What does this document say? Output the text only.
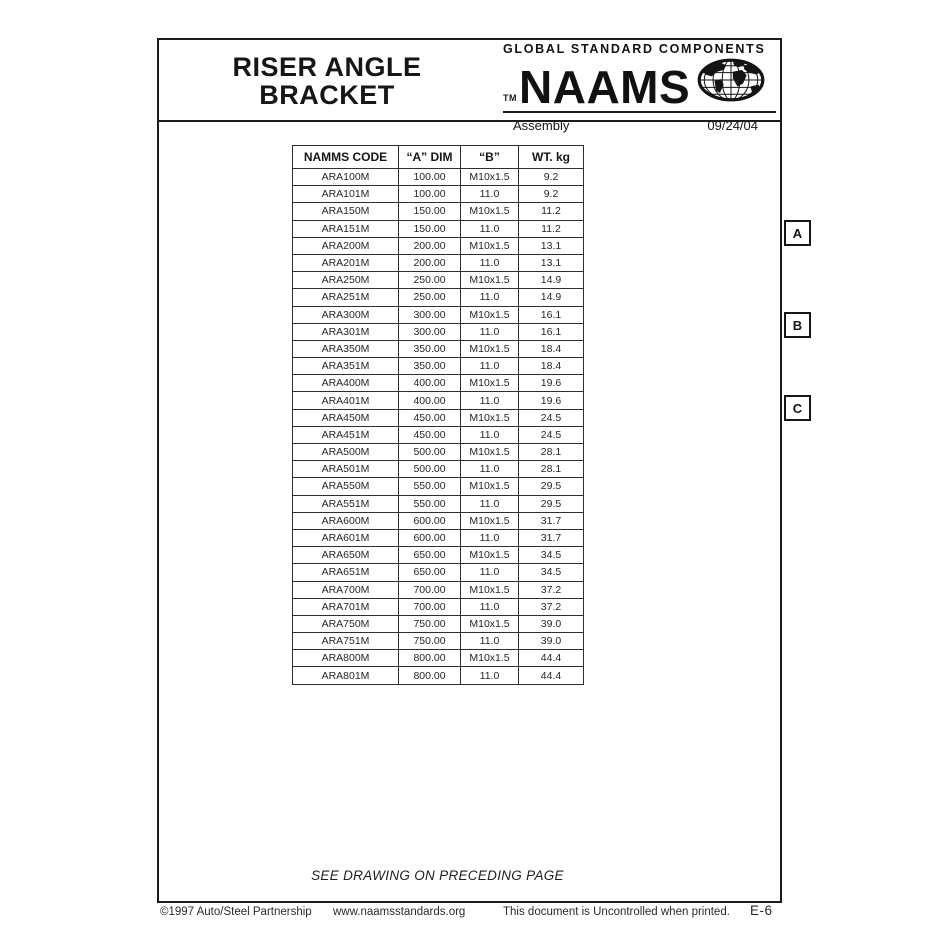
RISER ANGLE
BRACKET
GLOBAL STANDARD COMPONENTS
TM NAAMS
Assembly	09/24/04
NAMMS CODE	“A” DIM	“B”	WT. kg
ARA100M	100.00	M10x1.5	9.2
ARA101M	100.00	11.0	9.2
ARA150M	150.00	M10x1.5	11.2
ARA151M	150.00	11.0	11.2
ARA200M	200.00	M10x1.5	13.1
ARA201M	200.00	11.0	13.1
ARA250M	250.00	M10x1.5	14.9
ARA251M	250.00	11.0	14.9
ARA300M	300.00	M10x1.5	16.1
ARA301M	300.00	11.0	16.1
ARA350M	350.00	M10x1.5	18.4
ARA351M	350.00	11.0	18.4
ARA400M	400.00	M10x1.5	19.6
ARA401M	400.00	11.0	19.6
ARA450M	450.00	M10x1.5	24.5
ARA451M	450.00	11.0	24.5
ARA500M	500.00	M10x1.5	28.1
ARA501M	500.00	11.0	28.1
ARA550M	550.00	M10x1.5	29.5
ARA551M	550.00	11.0	29.5
ARA600M	600.00	M10x1.5	31.7
ARA601M	600.00	11.0	31.7
ARA650M	650.00	M10x1.5	34.5
ARA651M	650.00	11.0	34.5
ARA700M	700.00	M10x1.5	37.2
ARA701M	700.00	11.0	37.2
ARA750M	750.00	M10x1.5	39.0
ARA751M	750.00	11.0	39.0
ARA800M	800.00	M10x1.5	44.4
ARA801M	800.00	11.0	44.4
SEE DRAWING ON PRECEDING PAGE
A
B
C
©1997 Auto/Steel Partnership www.naamsstandards.org	This document is Uncontrolled when printed. E-6
